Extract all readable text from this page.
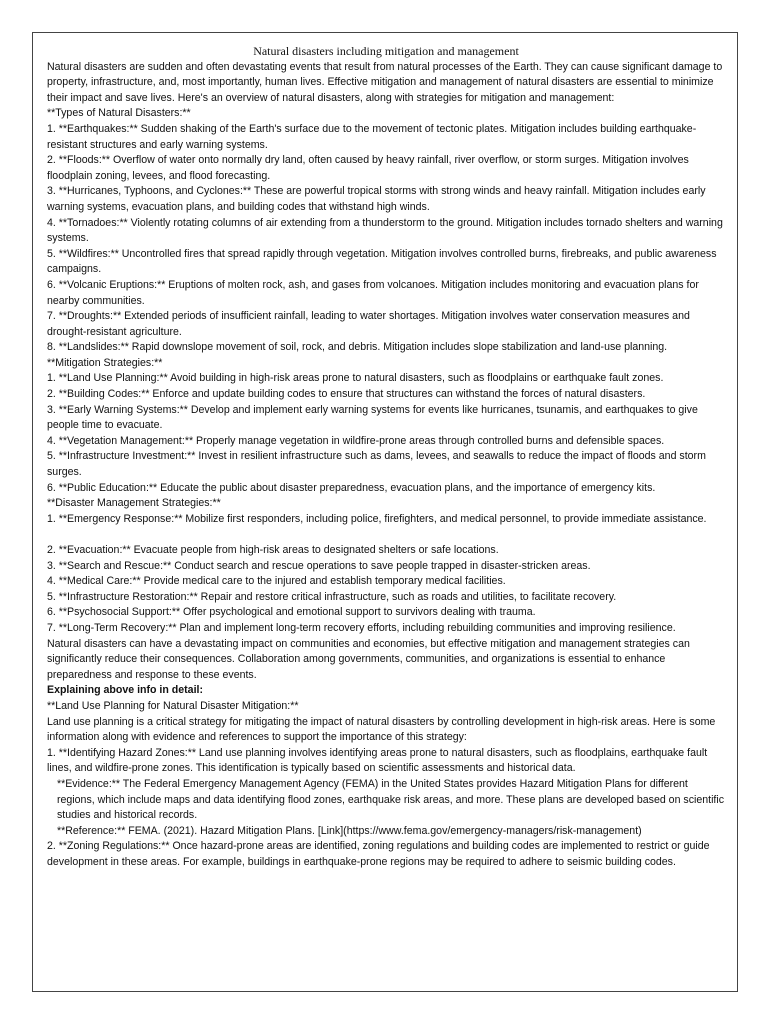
Natural disasters including mitigation and management

Natural disasters are sudden and often devastating events that result from natural processes of the Earth. They can cause significant damage to property, infrastructure, and, most importantly, human lives. Effective mitigation and management of natural disasters are essential to minimize their impact and save lives. Here's an overview of natural disasters, along with strategies for mitigation and management:

**Types of Natural Disasters:**

1. **Earthquakes:** Sudden shaking of the Earth's surface due to the movement of tectonic plates. Mitigation includes building earthquake-resistant structures and early warning systems.

2. **Floods:** Overflow of water onto normally dry land, often caused by heavy rainfall, river overflow, or storm surges. Mitigation involves floodplain zoning, levees, and flood forecasting.

3. **Hurricanes, Typhoons, and Cyclones:** These are powerful tropical storms with strong winds and heavy rainfall. Mitigation includes early warning systems, evacuation plans, and building codes that withstand high winds.

4. **Tornadoes:** Violently rotating columns of air extending from a thunderstorm to the ground. Mitigation includes tornado shelters and warning systems.

5. **Wildfires:** Uncontrolled fires that spread rapidly through vegetation. Mitigation involves controlled burns, firebreaks, and public awareness campaigns.

6. **Volcanic Eruptions:** Eruptions of molten rock, ash, and gases from volcanoes. Mitigation includes monitoring and evacuation plans for nearby communities.

7. **Droughts:** Extended periods of insufficient rainfall, leading to water shortages. Mitigation involves water conservation measures and drought-resistant agriculture.

8. **Landslides:** Rapid downslope movement of soil, rock, and debris. Mitigation includes slope stabilization and land-use planning.

**Mitigation Strategies:**

1. **Land Use Planning:** Avoid building in high-risk areas prone to natural disasters, such as floodplains or earthquake fault zones.

2. **Building Codes:** Enforce and update building codes to ensure that structures can withstand the forces of natural disasters.

3. **Early Warning Systems:** Develop and implement early warning systems for events like hurricanes, tsunamis, and earthquakes to give people time to evacuate.

4. **Vegetation Management:** Properly manage vegetation in wildfire-prone areas through controlled burns and defensible spaces.

5. **Infrastructure Investment:** Invest in resilient infrastructure such as dams, levees, and seawalls to reduce the impact of floods and storm surges.

6. **Public Education:** Educate the public about disaster preparedness, evacuation plans, and the importance of emergency kits.

**Disaster Management Strategies:**

1. **Emergency Response:** Mobilize first responders, including police, firefighters, and medical personnel, to provide immediate assistance.

2. **Evacuation:** Evacuate people from high-risk areas to designated shelters or safe locations.

3. **Search and Rescue:** Conduct search and rescue operations to save people trapped in disaster-stricken areas.

4. **Medical Care:** Provide medical care to the injured and establish temporary medical facilities.

5. **Infrastructure Restoration:** Repair and restore critical infrastructure, such as roads and utilities, to facilitate recovery.

6. **Psychosocial Support:** Offer psychological and emotional support to survivors dealing with trauma.

7. **Long-Term Recovery:** Plan and implement long-term recovery efforts, including rebuilding communities and improving resilience.

Natural disasters can have a devastating impact on communities and economies, but effective mitigation and management strategies can significantly reduce their consequences. Collaboration among governments, communities, and organizations is essential to enhance preparedness and response to these events.

Explaining above info in detail:

**Land Use Planning for Natural Disaster Mitigation:**

Land use planning is a critical strategy for mitigating the impact of natural disasters by controlling development in high-risk areas. Here is some information along with evidence and references to support the importance of this strategy:

1. **Identifying Hazard Zones:** Land use planning involves identifying areas prone to natural disasters, such as floodplains, earthquake fault lines, and wildfire-prone zones. This identification is typically based on scientific assessments and historical data.

**Evidence:** The Federal Emergency Management Agency (FEMA) in the United States provides Hazard Mitigation Plans for different regions, which include maps and data identifying flood zones, earthquake risk areas, and more. These plans are developed based on scientific studies and historical records.

**Reference:** FEMA. (2021). Hazard Mitigation Plans. [Link](https://www.fema.gov/emergency-managers/risk-management)

2. **Zoning Regulations:** Once hazard-prone areas are identified, zoning regulations and building codes are implemented to restrict or guide development in these areas. For example, buildings in earthquake-prone regions may be required to adhere to seismic building codes.
